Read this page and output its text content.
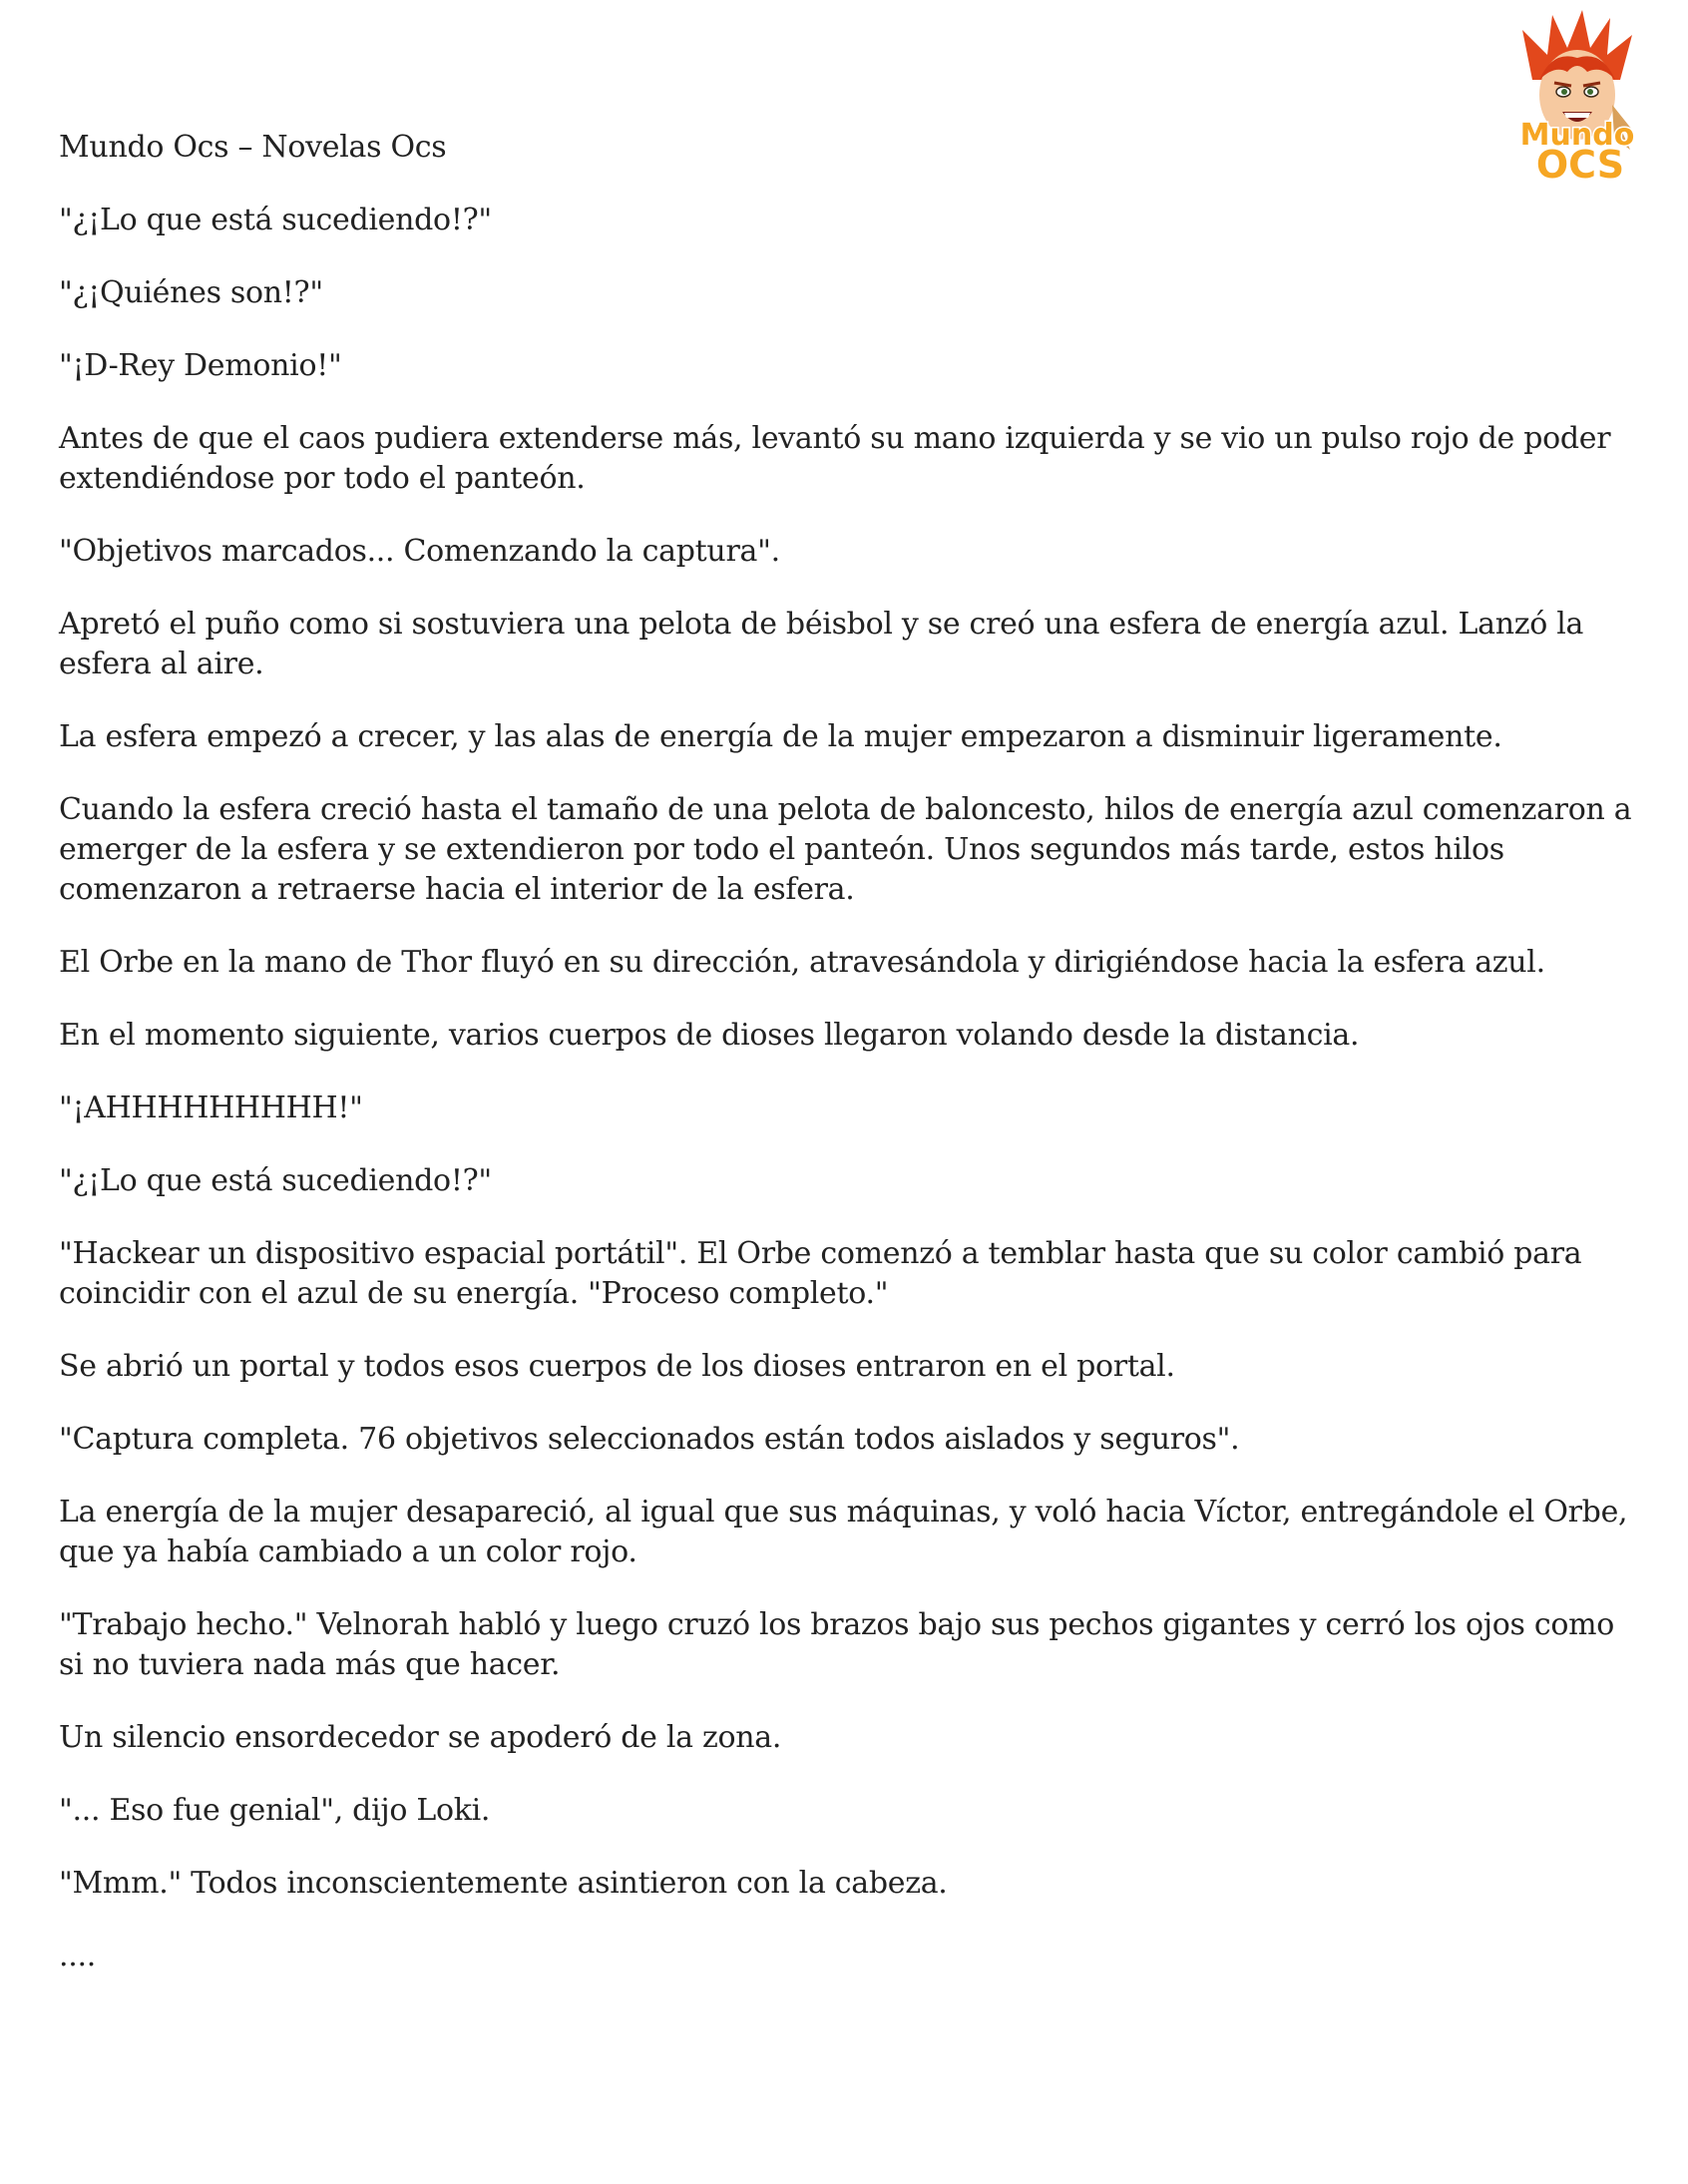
Mundo
OCS
Mundo Ocs – Novelas Ocs

"¿¡Lo que está sucediendo!?"

"¿¡Quiénes son!?"

"¡D-Rey Demonio!"

Antes de que el caos pudiera extenderse más, levantó su mano izquierda y se vio un pulso rojo de poder extendiéndose por todo el panteón.

"Objetivos marcados... Comenzando la captura".

Apretó el puño como si sostuviera una pelota de béisbol y se creó una esfera de energía azul. Lanzó la esfera al aire.

La esfera empezó a crecer, y las alas de energía de la mujer empezaron a disminuir ligeramente.

Cuando la esfera creció hasta el tamaño de una pelota de baloncesto, hilos de energía azul comenzaron a emerger de la esfera y se extendieron por todo el panteón. Unos segundos más tarde, estos hilos comenzaron a retraerse hacia el interior de la esfera.

El Orbe en la mano de Thor fluyó en su dirección, atravesándola y dirigiéndose hacia la esfera azul.

En el momento siguiente, varios cuerpos de dioses llegaron volando desde la distancia.

"¡AHHHHHHHHH!"

"¿¡Lo que está sucediendo!?"

"Hackear un dispositivo espacial portátil". El Orbe comenzó a temblar hasta que su color cambió para coincidir con el azul de su energía. "Proceso completo."

Se abrió un portal y todos esos cuerpos de los dioses entraron en el portal.

"Captura completa. 76 objetivos seleccionados están todos aislados y seguros".

La energía de la mujer desapareció, al igual que sus máquinas, y voló hacia Víctor, entregándole el Orbe, que ya había cambiado a un color rojo.

"Trabajo hecho." Velnorah habló y luego cruzó los brazos bajo sus pechos gigantes y cerró los ojos como si no tuviera nada más que hacer.

Un silencio ensordecedor se apoderó de la zona.

"... Eso fue genial", dijo Loki.

"Mmm." Todos inconscientemente asintieron con la cabeza.

....
